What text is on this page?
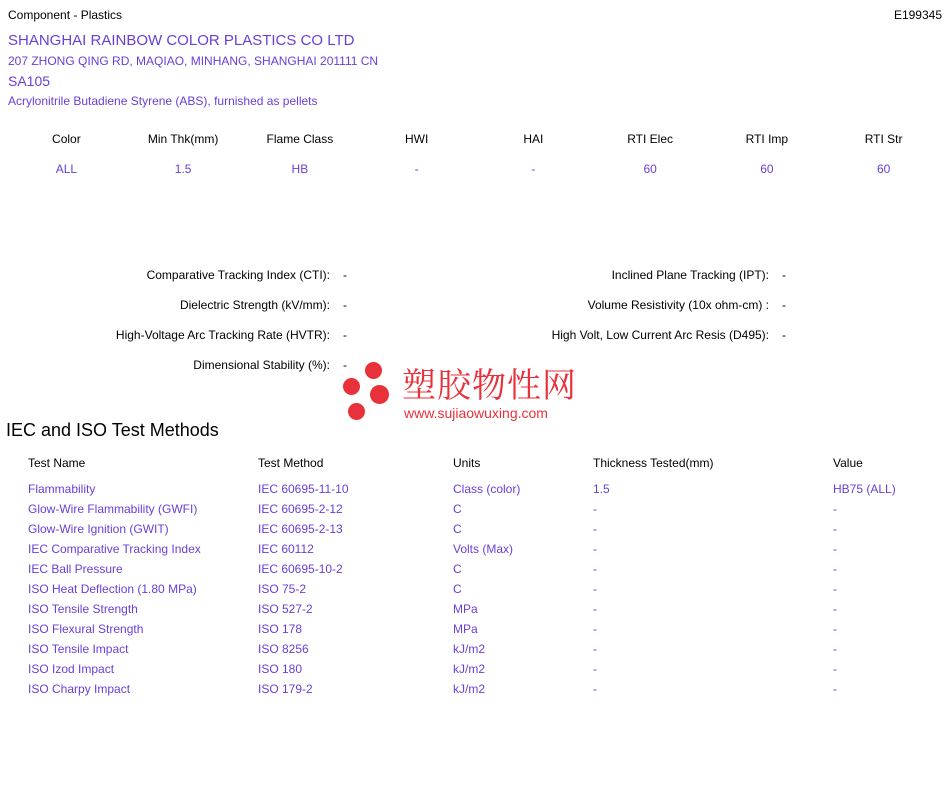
Component - Plastics	E199345
SHANGHAI RAINBOW COLOR PLASTICS CO LTD
207 ZHONG QING RD, MAQIAO, MINHANG, SHANGHAI 201111 CN
SA105
Acrylonitrile Butadiene Styrene (ABS), furnished as pellets
Color	Min Thk(mm)	Flame Class	HWI	HAI	RTI Elec	RTI Imp	RTI Str
ALL	1.5	HB	-	-	60	60	60
Comparative Tracking Index (CTI):	-	Inclined Plane Tracking (IPT):	-
Dielectric Strength (kV/mm):	-	Volume Resistivity (10x ohm-cm) :	-
High-Voltage Arc Tracking Rate (HVTR):	-	High Volt, Low Current Arc Resis (D495):	-
Dimensional Stability (%):	-
塑胶物性网
www.sujiaowuxing.com
IEC and ISO Test Methods
Test Name	Test Method	Units	Thickness Tested(mm)	Value
Flammability	IEC 60695-11-10	Class (color)	1.5	HB75 (ALL)
Glow-Wire Flammability (GWFI)	IEC 60695-2-12	C	-	-
Glow-Wire Ignition (GWIT)	IEC 60695-2-13	C	-	-
IEC Comparative Tracking Index	IEC 60112	Volts (Max)	-	-
IEC Ball Pressure	IEC 60695-10-2	C	-	-
ISO Heat Deflection (1.80 MPa)	ISO 75-2	C	-	-
ISO Tensile Strength	ISO 527-2	MPa	-	-
ISO Flexural Strength	ISO 178	MPa	-	-
ISO Tensile Impact	ISO 8256	kJ/m2	-	-
ISO Izod Impact	ISO 180	kJ/m2	-	-
ISO Charpy Impact	ISO 179-2	kJ/m2	-	-
